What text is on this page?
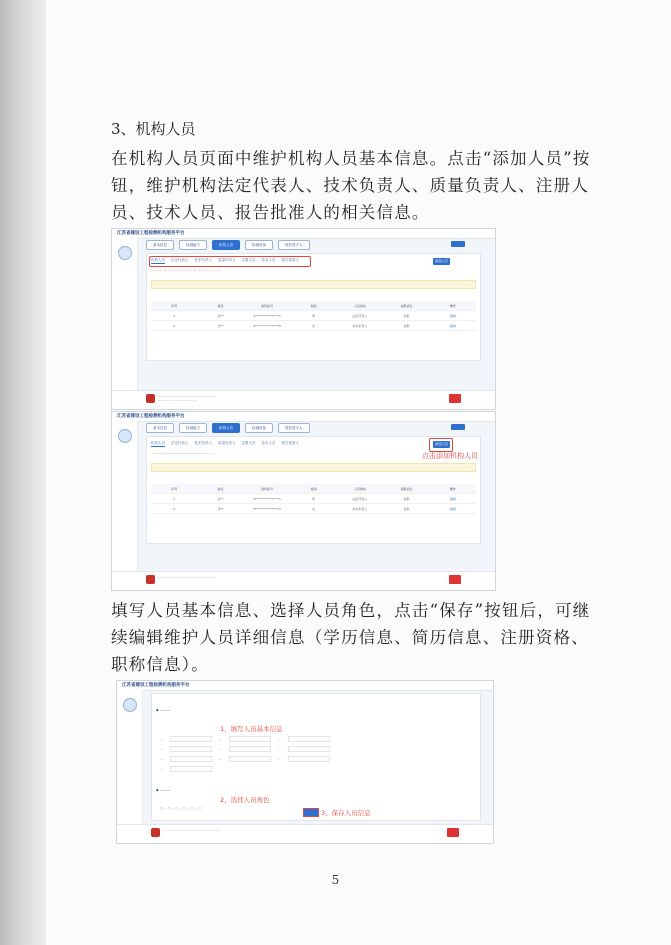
3、机构人员
在机构人员页面中维护机构人员基本信息。点击“添加人员”按钮，维护机构法定代表人、技术负责人、质量负责人、注册人员、技术人员、报告批准人的相关信息。
江苏省建设工程检测机构服务平台
基本信息	检测能力	机构人员	检测设备	授权签字人
机构人员 法定代表人 技术负责人 质量负责人 注册人员 技术人员 报告批准人	添加人员
— — — — — — — — — — — — — — — — —
序号	姓名	身份证号	性别	人员角色	在职状态	操作
1	张**	3****************1	男	法定代表人	在职	编辑
2	李**	3****************2	女	技术负责人	在职	编辑
— — — — — — — — — — — — — — —
— — — — — — — — — —
江苏省建设工程检测机构服务平台
基本信息	检测能力	机构人员	检测设备	授权签字人
机构人员 法定代表人 技术负责人 质量负责人 注册人员 技术人员 报告批准人	添加人员
点击添加机构人员
— — — — — — — — — — — — — — —
序号	姓名	身份证号	性别	人员角色	在职状态	操作
1	张**	3****************1	男	法定代表人	在职	编辑
2	李**	3****************2	女	技术负责人	在职	编辑
— — — — — — — — — — — — — — —
填写人员基本信息、选择人员角色，点击“保存”按钮后，可继续编辑维护人员详细信息（学历信息、简历信息、注册资格、职称信息）。
江苏省建设工程检测机构服务平台
◆ ———
1、填写人员基本信息
—	—	—
—	—	—
—	—	—
—
◆ ———
2、选择人员角色
□ — □ — □ — □ — □ — □
3、保存人员信息
— — — — — — — — — — — — — — —
5
